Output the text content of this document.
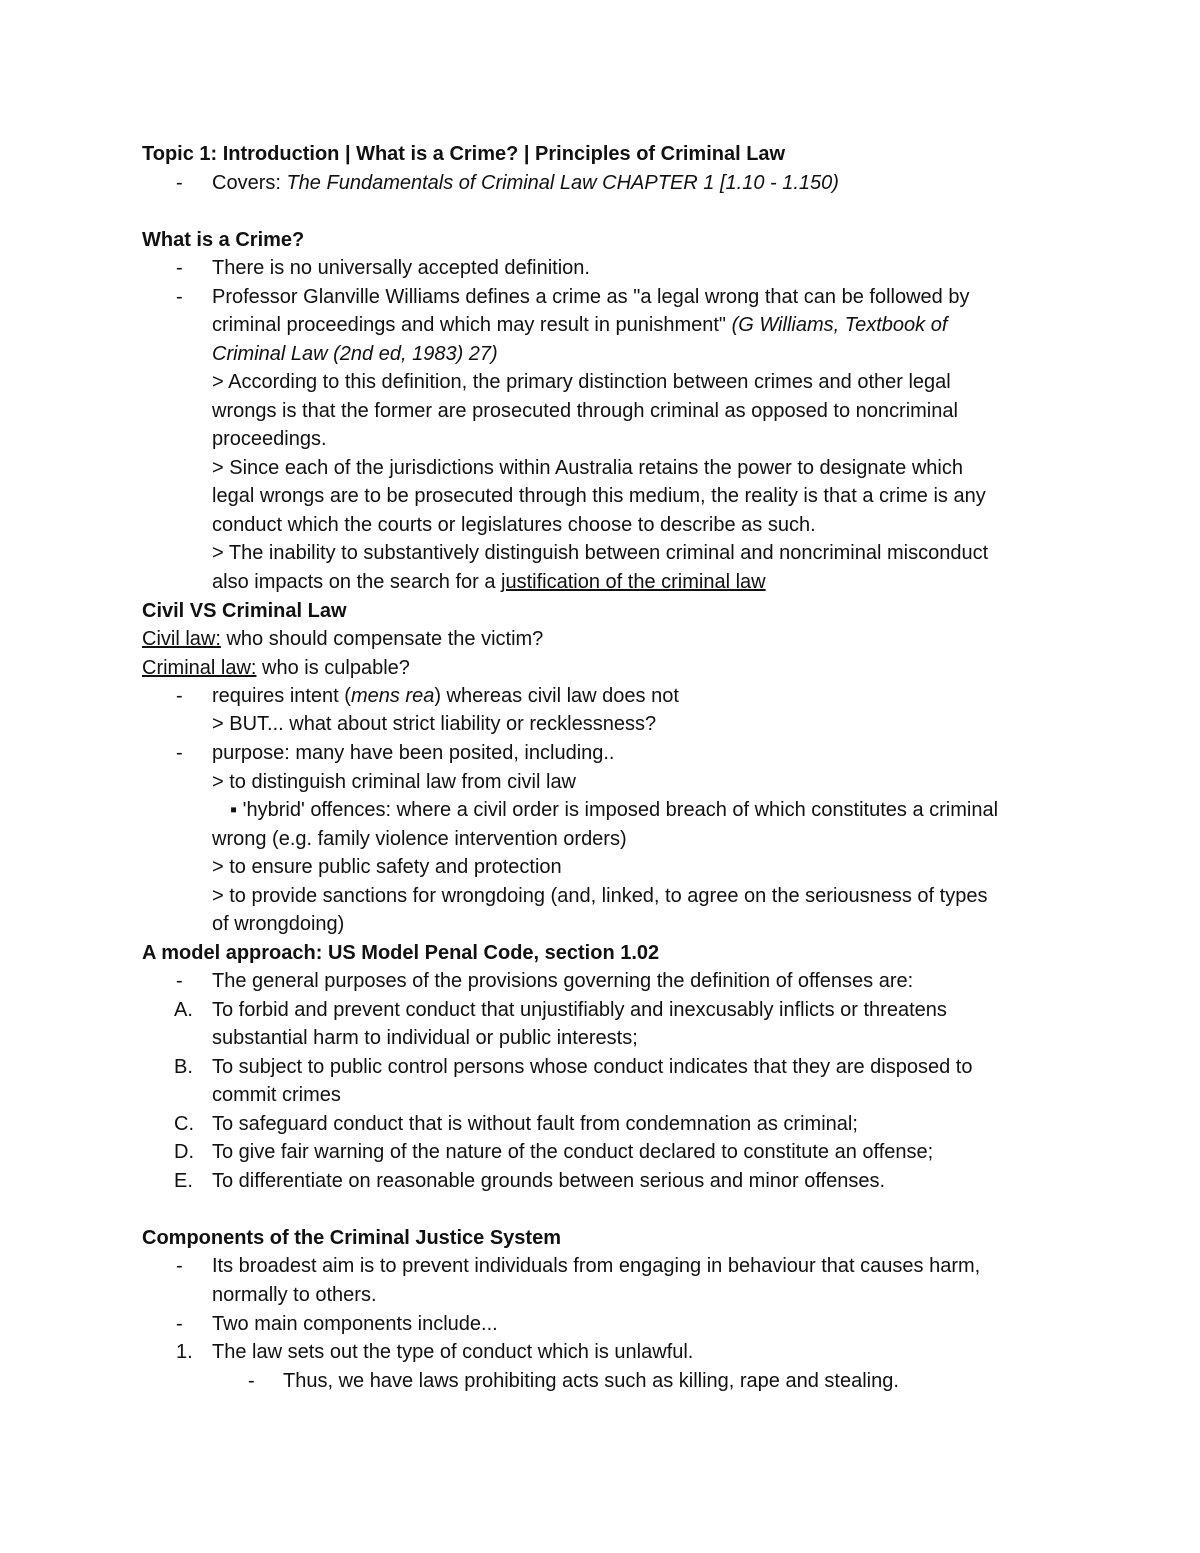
Topic 1: Introduction | What is a Crime? | Principles of Criminal Law
- Covers: The Fundamentals of Criminal Law CHAPTER 1 [1.10 - 1.150)
What is a Crime?
- There is no universally accepted definition.
- Professor Glanville Williams defines a crime as "a legal wrong that can be followed by
criminal proceedings and which may result in punishment" (G Williams, Textbook of
Criminal Law (2nd ed, 1983) 27)
> According to this definition, the primary distinction between crimes and other legal
wrongs is that the former are prosecuted through criminal as opposed to noncriminal
proceedings.
> Since each of the jurisdictions within Australia retains the power to designate which
legal wrongs are to be prosecuted through this medium, the reality is that a crime is any
conduct which the courts or legislatures choose to describe as such.
> The inability to substantively distinguish between criminal and noncriminal misconduct
also impacts on the search for a justification of the criminal law
Civil VS Criminal Law
Civil law: who should compensate the victim?
Criminal law: who is culpable?
- requires intent (mens rea) whereas civil law does not
> BUT... what about strict liability or recklessness?
- purpose: many have been posited, including..
> to distinguish criminal law from civil law
▪ 'hybrid' offences: where a civil order is imposed breach of which constitutes a criminal
wrong (e.g. family violence intervention orders)
> to ensure public safety and protection
> to provide sanctions for wrongdoing (and, linked, to agree on the seriousness of types
of wrongdoing)
A model approach: US Model Penal Code, section 1.02
- The general purposes of the provisions governing the definition of offenses are:
A. To forbid and prevent conduct that unjustifiably and inexcusably inflicts or threatens
substantial harm to individual or public interests;
B. To subject to public control persons whose conduct indicates that they are disposed to
commit crimes
C. To safeguard conduct that is without fault from condemnation as criminal;
D. To give fair warning of the nature of the conduct declared to constitute an offense;
E. To differentiate on reasonable grounds between serious and minor offenses.
Components of the Criminal Justice System
- Its broadest aim is to prevent individuals from engaging in behaviour that causes harm,
normally to others.
- Two main components include...
1. The law sets out the type of conduct which is unlawful.
- Thus, we have laws prohibiting acts such as killing, rape and stealing.
